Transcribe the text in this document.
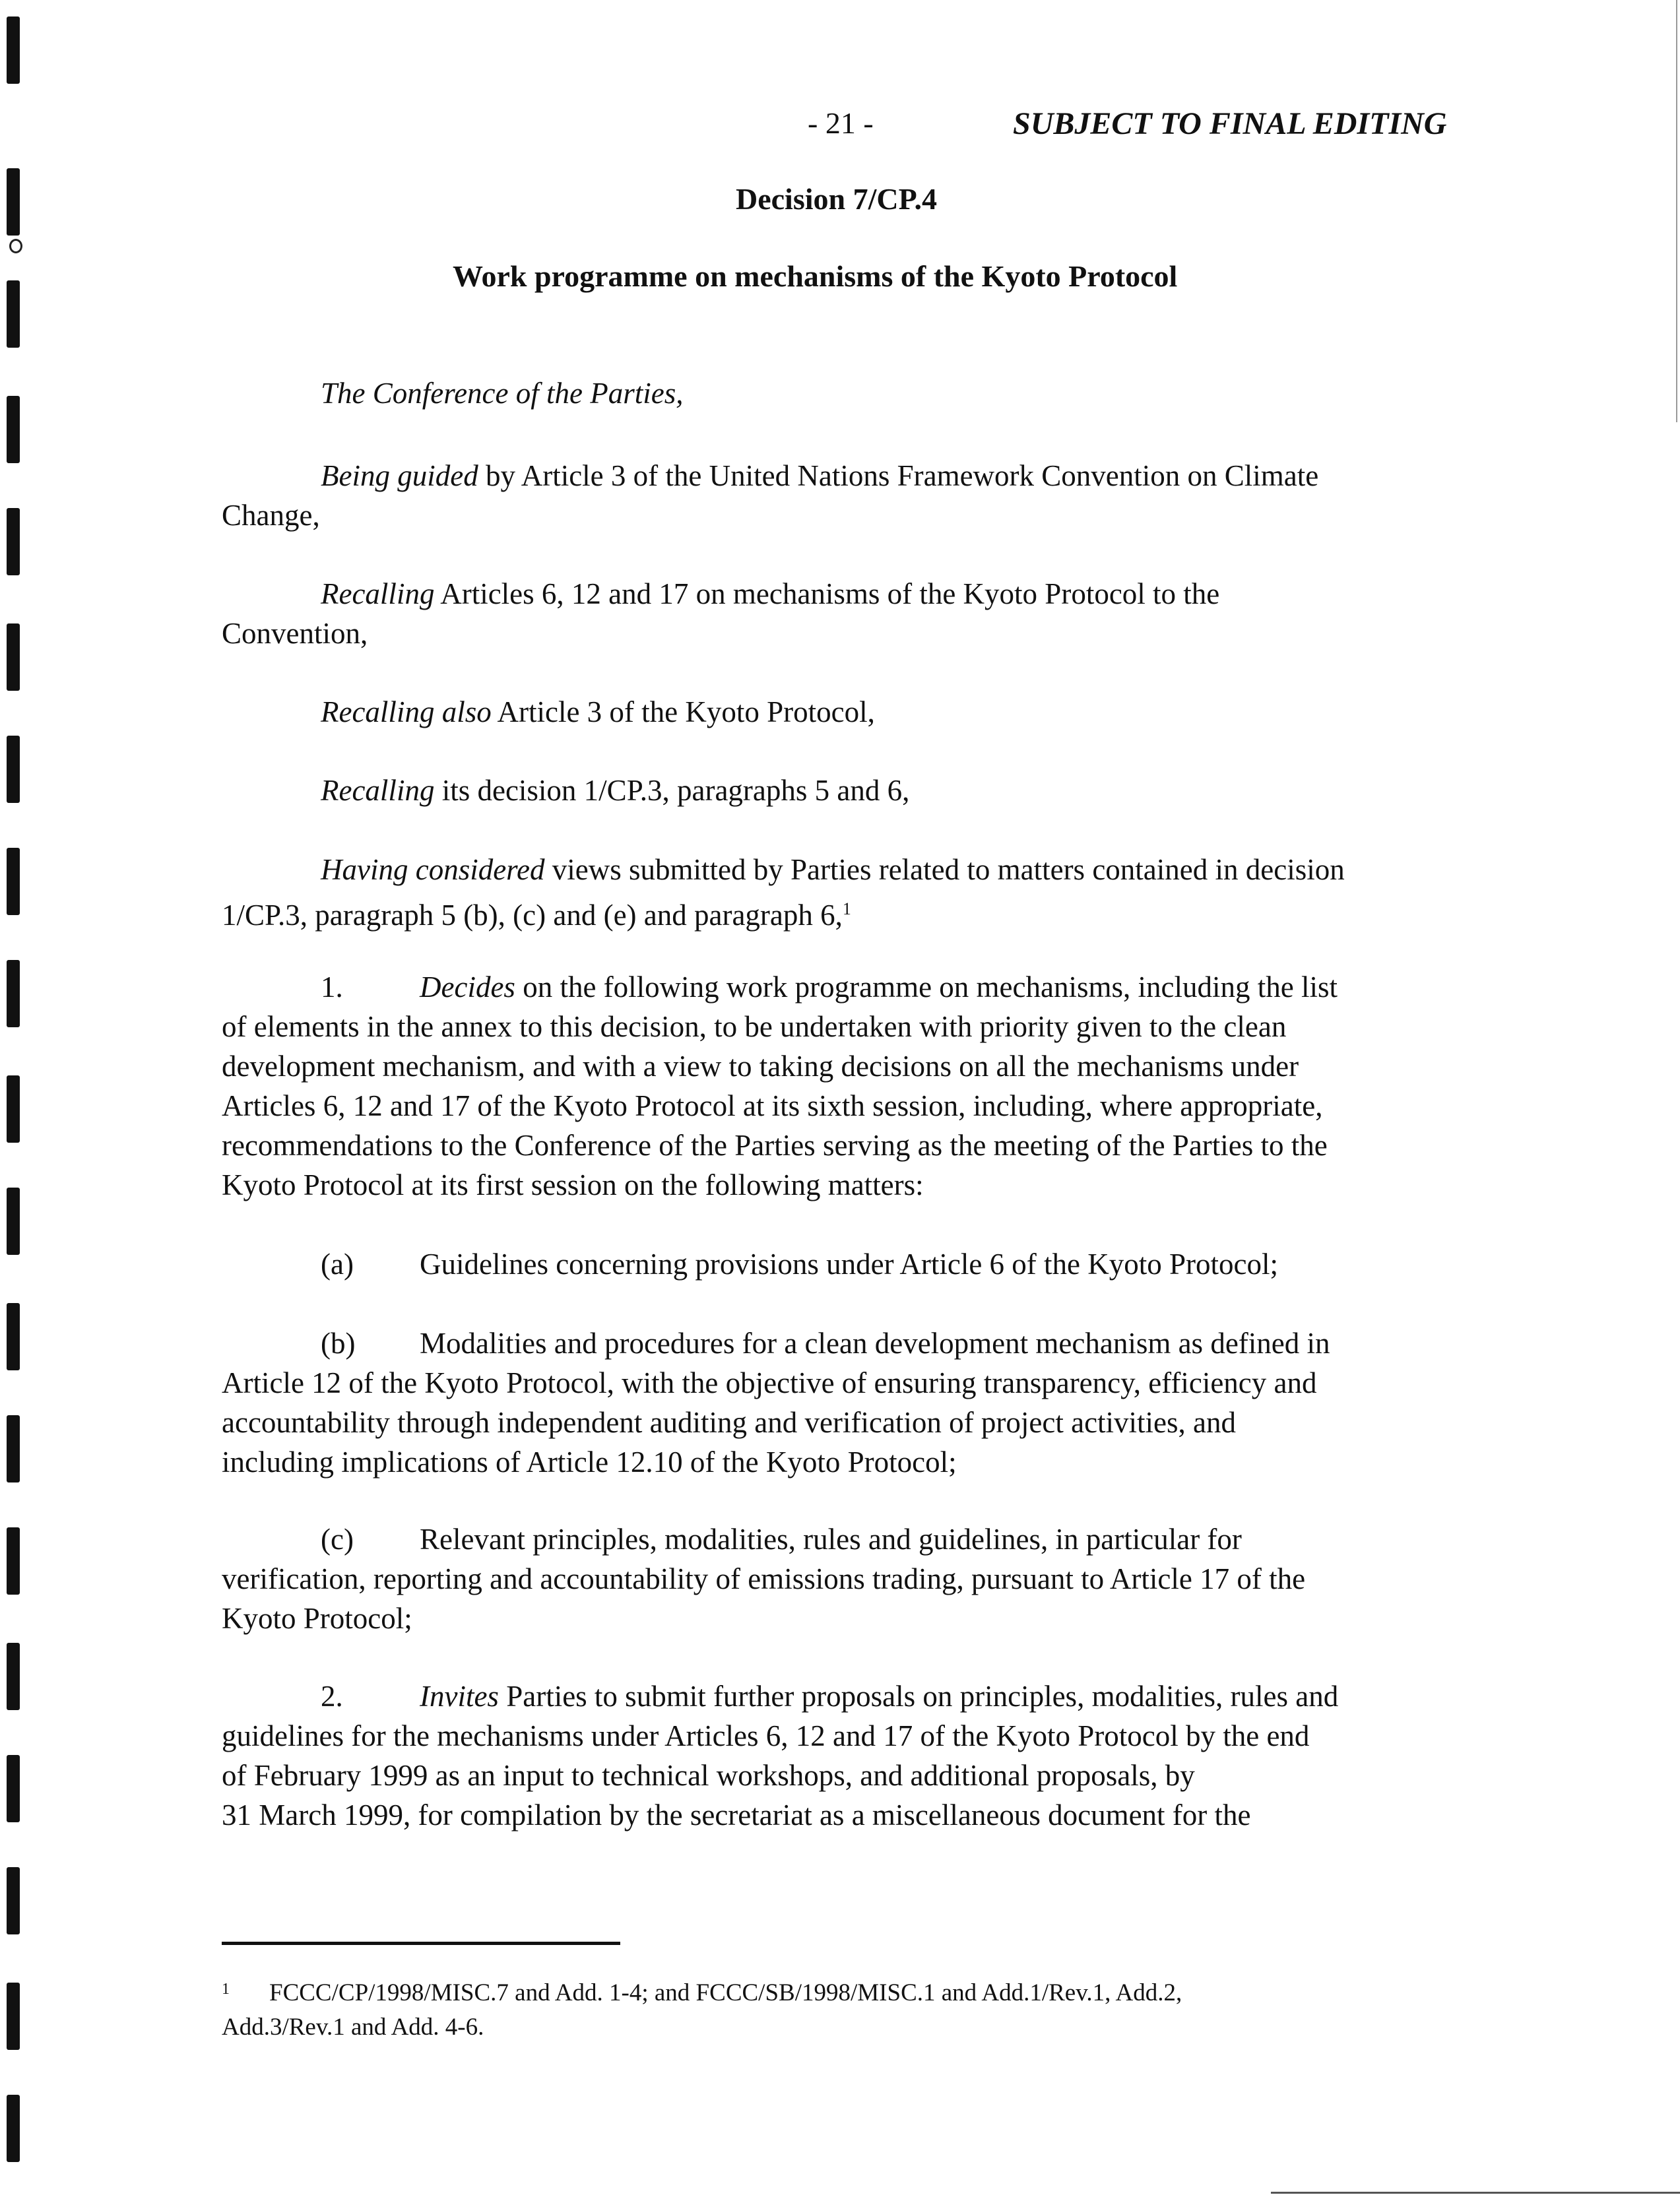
- 21 -	SUBJECT TO FINAL EDITING
Decision 7/CP.4
Work programme on mechanisms of the Kyoto Protocol
The Conference of the Parties,
Being guided by Article 3 of the United Nations Framework Convention on Climate
Change,
Recalling Articles 6, 12 and 17 on mechanisms of the Kyoto Protocol to the
Convention,
Recalling also Article 3 of the Kyoto Protocol,
Recalling its decision 1/CP.3, paragraphs 5 and 6,
Having considered views submitted by Parties related to matters contained in decision
1/CP.3, paragraph 5 (b), (c) and (e) and paragraph 6,$^1$
1.	Decides on the following work programme on mechanisms, including the list
of elements in the annex to this decision, to be undertaken with priority given to the clean
development mechanism, and with a view to taking decisions on all the mechanisms under
Articles 6, 12 and 17 of the Kyoto Protocol at its sixth session, including, where appropriate,
recommendations to the Conference of the Parties serving as the meeting of the Parties to the
Kyoto Protocol at its first session on the following matters:
(a) Guidelines concerning provisions under Article 6 of the Kyoto Protocol;
(b) Modalities and procedures for a clean development mechanism as defined in
Article 12 of the Kyoto Protocol, with the objective of ensuring transparency, efficiency and
accountability through independent auditing and verification of project activities, and
including implications of Article 12.10 of the Kyoto Protocol;
(c) Relevant principles, modalities, rules and guidelines, in particular for
verification, reporting and accountability of emissions trading, pursuant to Article 17 of the
Kyoto Protocol;
2.	Invites Parties to submit further proposals on principles, modalities, rules and
guidelines for the mechanisms under Articles 6, 12 and 17 of the Kyoto Protocol by the end
of February 1999 as an input to technical workshops, and additional proposals, by
31 March 1999, for compilation by the secretariat as a miscellaneous document for the
$^1$ FCCC/CP/1998/MISC.7 and Add. 1-4; and FCCC/SB/1998/MISC.1 and Add.1/Rev.1, Add.2,
Add.3/Rev.1 and Add. 4-6.
